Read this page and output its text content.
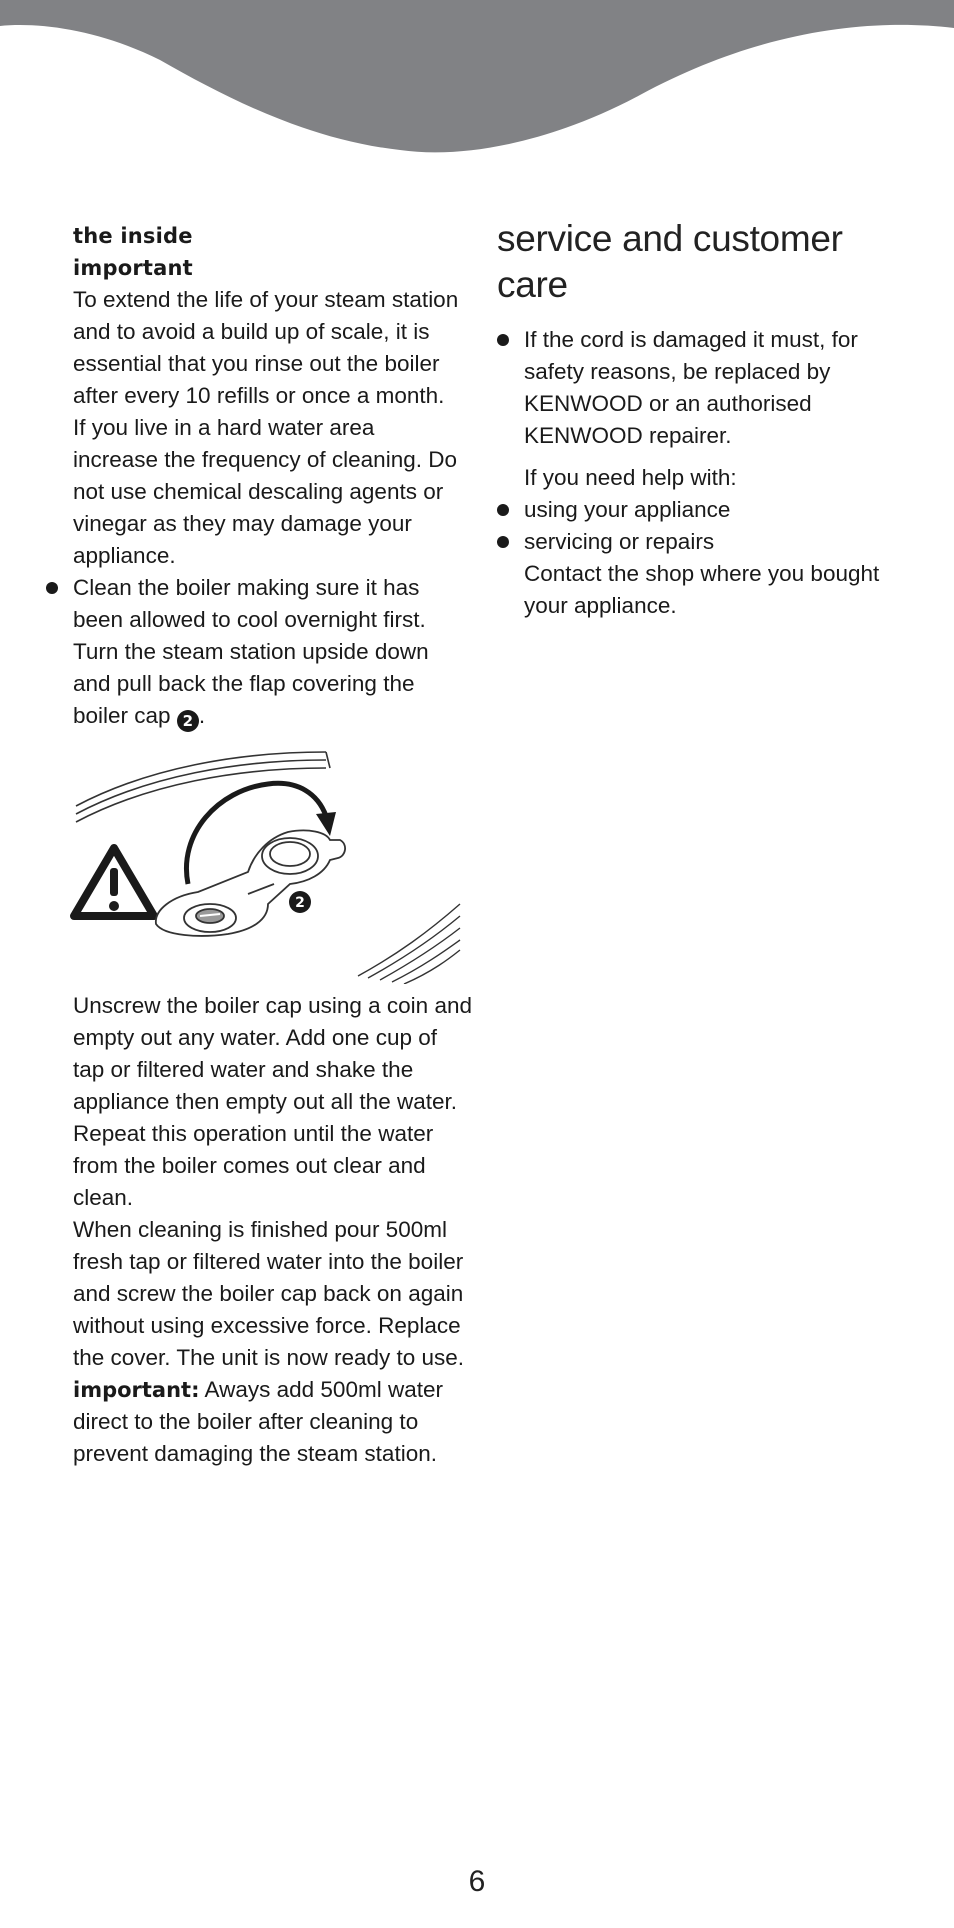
the inside
important

To extend the life of your steam station and to avoid a build up of scale, it is essential that you rinse out the boiler after every 10 refills or once a month. If you live in a hard water area increase the frequency of cleaning. Do not use chemical descaling agents or vinegar as they may damage your appliance.

Clean the boiler making sure it has been allowed to cool overnight first. Turn the steam station upside down and pull back the flap covering the boiler cap 2 .

2

Unscrew the boiler cap using a coin and empty out any water. Add one cup of tap or filtered water and shake the appliance then empty out all the water. Repeat this operation until the water from the boiler comes out clear and clean.

When cleaning is finished pour 500ml fresh tap or filtered water into the boiler and screw the boiler cap back on again without using excessive force. Replace the cover. The unit is now ready to use.

important: Aways add 500ml water direct to the boiler after cleaning to prevent damaging the steam station.

service and customer care

If the cord is damaged it must, for safety reasons, be replaced by KENWOOD or an authorised KENWOOD repairer.

If you need help with:

using your appliance

servicing or repairs

Contact the shop where you bought your appliance.

6
